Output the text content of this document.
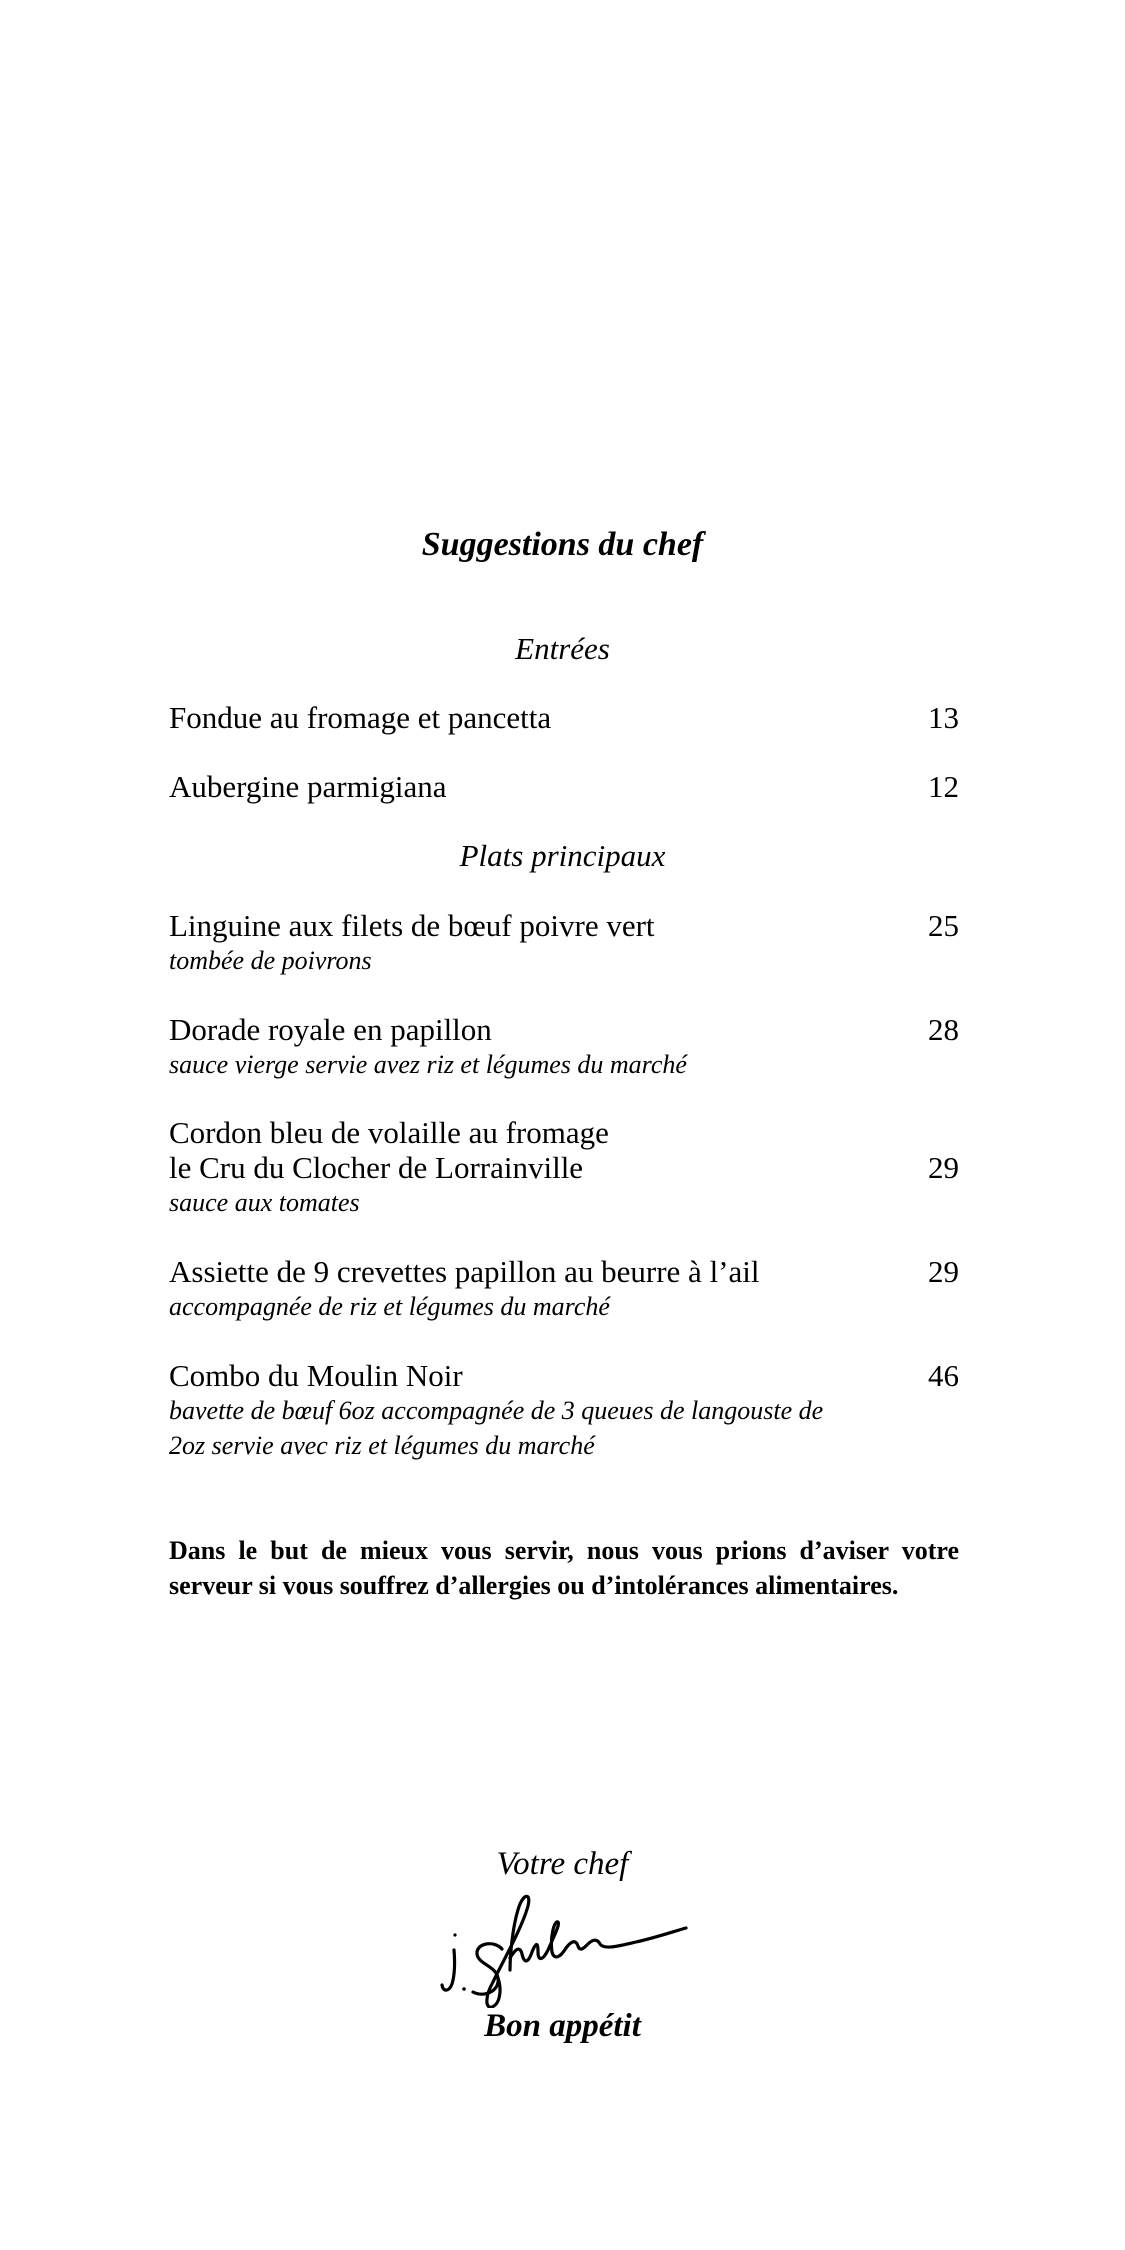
Suggestions du chef
Entrées
Fondue au fromage et pancetta	13
Aubergine parmigiana	12
Plats principaux
Linguine aux filets de bœuf poivre vert
tombée de poivrons
25
Dorade royale en papillon
sauce vierge servie avez riz et légumes du marché
28
Cordon bleu de volaille au fromage
le Cru du Clocher de Lorrainville
sauce aux tomates
29
Assiette de 9 crevettes papillon au beurre à l’ail
accompagnée de riz et légumes du marché
29
Combo du Moulin Noir
bavette de bœuf 6oz accompagnée de 3 queues de langouste de
2oz servie avec riz et légumes du marché
46
Dans le but de mieux vous servir, nous vous prions d’aviser votre serveur si vous souffrez d’allergies ou d’intolérances alimentaires.
Votre chef
Bon appétit
